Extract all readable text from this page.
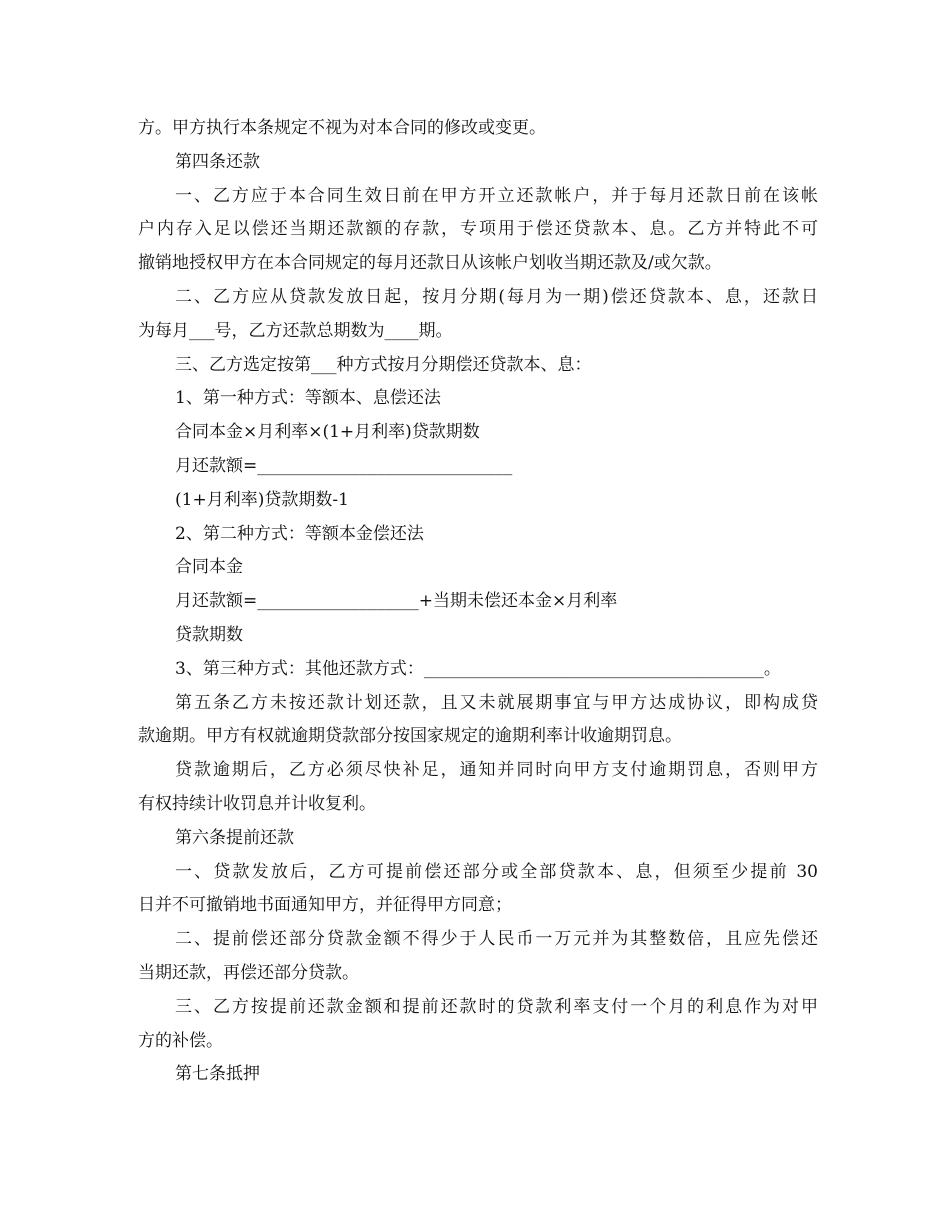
方。甲方执行本条规定不视为对本合同的修改或变更。
第四条还款
一、乙方应于本合同生效日前在甲方开立还款帐户，并于每月还款日前在该帐
户内存入足以偿还当期还款额的存款，专项用于偿还贷款本、息。乙方并特此不可
撤销地授权甲方在本合同规定的每月还款日从该帐户划收当期还款及/或欠款。
二、乙方应从贷款发放日起，按月分期(每月为一期)偿还贷款本、息，还款日
为每月___号，乙方还款总期数为____期。
三、乙方选定按第___种方式按月分期偿还贷款本、息：
1、第一种方式：等额本、息偿还法
合同本金×月利率×(1+月利率)贷款期数
月还款额=______________________________
(1+月利率)贷款期数-1
2、第二种方式：等额本金偿还法
合同本金
月还款额=___________________+当期未偿还本金×月利率
贷款期数
3、第三种方式：其他还款方式：________________________________________。
第五条乙方未按还款计划还款，且又未就展期事宜与甲方达成协议，即构成贷
款逾期。甲方有权就逾期贷款部分按国家规定的逾期利率计收逾期罚息。
贷款逾期后，乙方必须尽快补足，通知并同时向甲方支付逾期罚息，否则甲方
有权持续计收罚息并计收复利。
第六条提前还款
一、贷款发放后，乙方可提前偿还部分或全部贷款本、息，但须至少提前 30
日并不可撤销地书面通知甲方，并征得甲方同意；
二、提前偿还部分贷款金额不得少于人民币一万元并为其整数倍，且应先偿还
当期还款，再偿还部分贷款。
三、乙方按提前还款金额和提前还款时的贷款利率支付一个月的利息作为对甲
方的补偿。
第七条抵押
